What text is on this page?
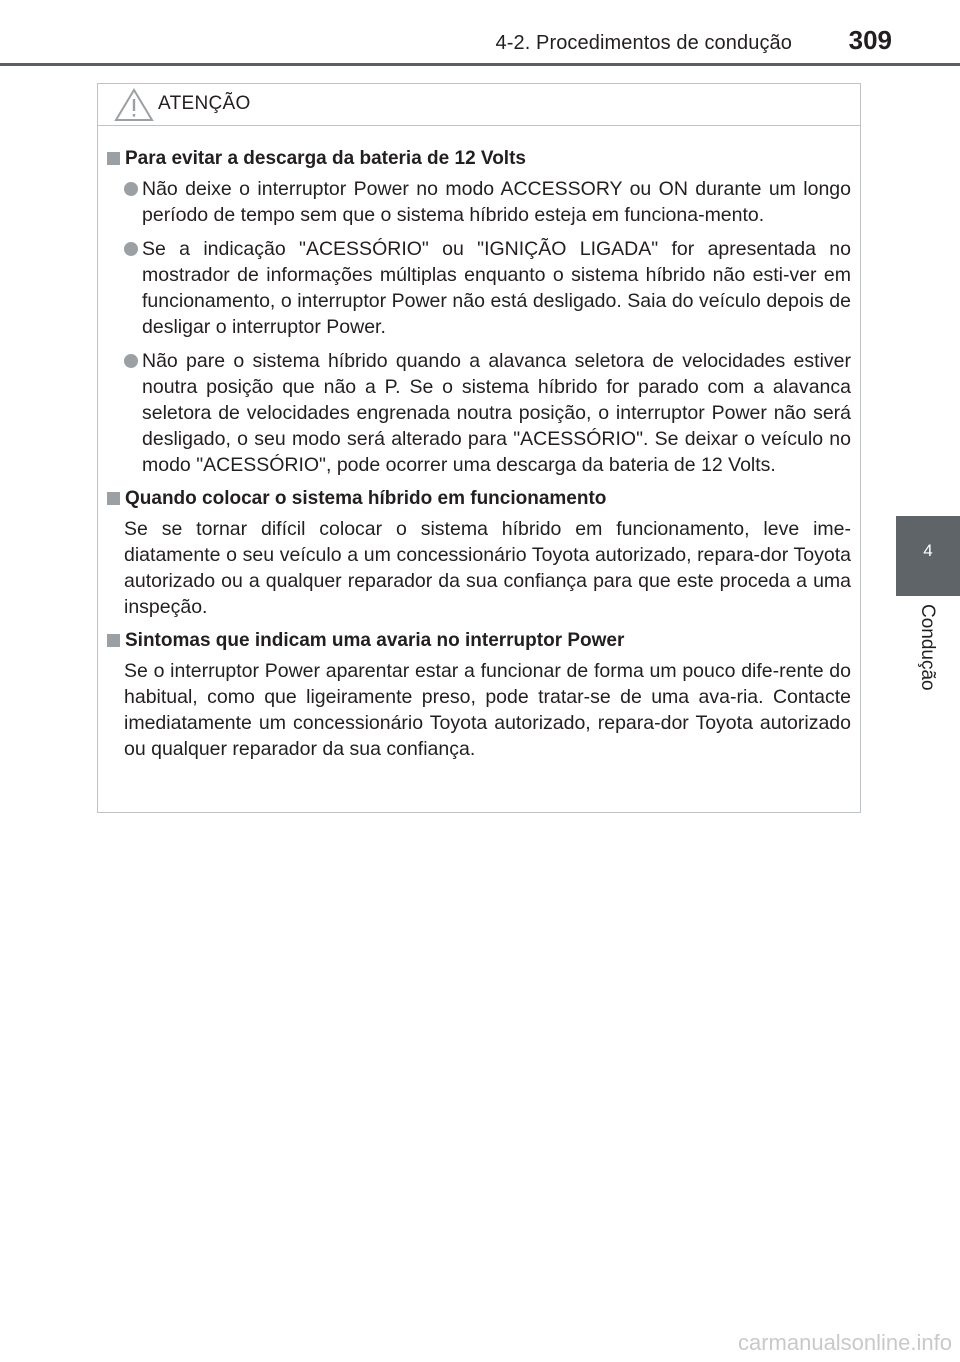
4-2. Procedimentos de condução 309
4
Condução
ATENÇÃO
Para evitar a descarga da bateria de 12 Volts
Não deixe o interruptor Power no modo ACCESSORY ou ON durante um longo período de tempo sem que o sistema híbrido esteja em funciona-mento.
Se a indicação "ACESSÓRIO" ou "IGNIÇÃO LIGADA" for apresentada no mostrador de informações múltiplas enquanto o sistema híbrido não esti-ver em funcionamento, o interruptor Power não está desligado. Saia do veículo depois de desligar o interruptor Power.
Não pare o sistema híbrido quando a alavanca seletora de velocidades estiver noutra posição que não a P. Se o sistema híbrido for parado com a alavanca seletora de velocidades engrenada noutra posição, o interruptor Power não será desligado, o seu modo será alterado para "ACESSÓRIO". Se deixar o veículo no modo "ACESSÓRIO", pode ocorrer uma descarga da bateria de 12 Volts.
Quando colocar o sistema híbrido em funcionamento
Se se tornar difícil colocar o sistema híbrido em funcionamento, leve ime-diatamente o seu veículo a um concessionário Toyota autorizado, repara-dor Toyota autorizado ou a qualquer reparador da sua confiança para que este proceda a uma inspeção.
Sintomas que indicam uma avaria no interruptor Power
Se o interruptor Power aparentar estar a funcionar de forma um pouco dife-rente do habitual, como que ligeiramente preso, pode tratar-se de uma ava-ria. Contacte imediatamente um concessionário Toyota autorizado, repara-dor Toyota autorizado ou qualquer reparador da sua confiança.
carmanualsonline.info
